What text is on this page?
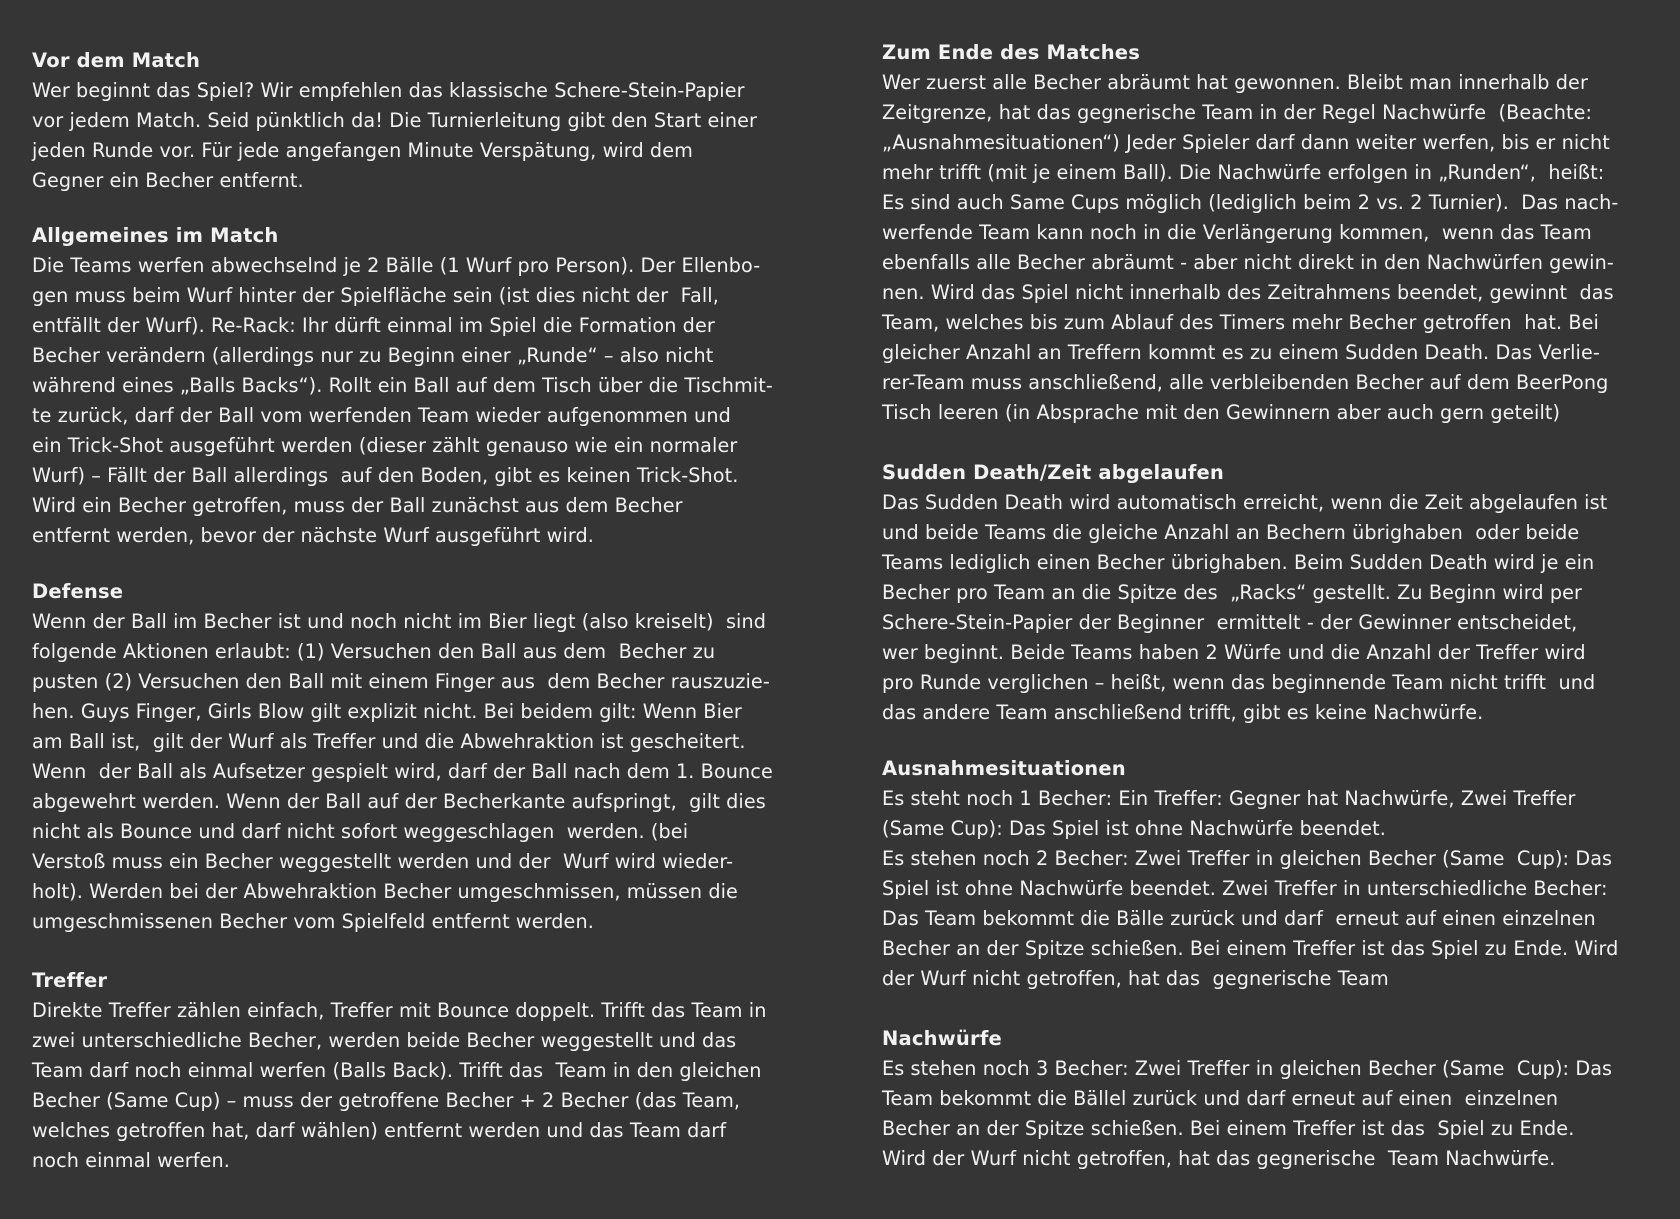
Vor dem Match
Wer beginnt das Spiel? Wir empfehlen das klassische Schere-Stein-Papier
vor jedem Match. Seid pünktlich da! Die Turnierleitung gibt den Start einer
jeden Runde vor. Für jede angefangen Minute Verspätung, wird dem
Gegner ein Becher entfernt.
Allgemeines im Match
Die Teams werfen abwechselnd je 2 Bälle (1 Wurf pro Person). Der Ellenbo-
gen muss beim Wurf hinter der Spielfläche sein (ist dies nicht der  Fall,
entfällt der Wurf). Re-Rack: Ihr dürft einmal im Spiel die Formation der
Becher verändern (allerdings nur zu Beginn einer „Runde“ – also nicht
während eines „Balls Backs“). Rollt ein Ball auf dem Tisch über die Tischmit-
te zurück, darf der Ball vom werfenden Team wieder aufgenommen und
ein Trick-Shot ausgeführt werden (dieser zählt genauso wie ein normaler
Wurf) – Fällt der Ball allerdings  auf den Boden, gibt es keinen Trick-Shot.
Wird ein Becher getroffen, muss der Ball zunächst aus dem Becher
entfernt werden, bevor der nächste Wurf ausgeführt wird.
Defense
Wenn der Ball im Becher ist und noch nicht im Bier liegt (also kreiselt)  sind
folgende Aktionen erlaubt: (1) Versuchen den Ball aus dem  Becher zu
pusten (2) Versuchen den Ball mit einem Finger aus  dem Becher rauszuzie-
hen. Guys Finger, Girls Blow gilt explizit nicht. Bei beidem gilt: Wenn Bier
am Ball ist,  gilt der Wurf als Treffer und die Abwehraktion ist gescheitert.
Wenn  der Ball als Aufsetzer gespielt wird, darf der Ball nach dem 1. Bounce
abgewehrt werden. Wenn der Ball auf der Becherkante aufspringt,  gilt dies
nicht als Bounce und darf nicht sofort weggeschlagen  werden. (bei
Verstoß muss ein Becher weggestellt werden und der  Wurf wird wieder-
holt). Werden bei der Abwehraktion Becher umgeschmissen, müssen die
umgeschmissenen Becher vom Spielfeld entfernt werden.
Treffer
Direkte Treffer zählen einfach, Treffer mit Bounce doppelt. Trifft das Team in
zwei unterschiedliche Becher, werden beide Becher weggestellt und das
Team darf noch einmal werfen (Balls Back). Trifft das  Team in den gleichen
Becher (Same Cup) – muss der getroffene Becher + 2 Becher (das Team,
welches getroffen hat, darf wählen) entfernt werden und das Team darf
noch einmal werfen.
Zum Ende des Matches
Wer zuerst alle Becher abräumt hat gewonnen. Bleibt man innerhalb der
Zeitgrenze, hat das gegnerische Team in der Regel Nachwürfe  (Beachte:
„Ausnahmesituationen“) Jeder Spieler darf dann weiter werfen, bis er nicht
mehr trifft (mit je einem Ball). Die Nachwürfe erfolgen in „Runden“,  heißt:
Es sind auch Same Cups möglich (lediglich beim 2 vs. 2 Turnier).  Das nach-
werfende Team kann noch in die Verlängerung kommen,  wenn das Team
ebenfalls alle Becher abräumt - aber nicht direkt in den Nachwürfen gewin-
nen. Wird das Spiel nicht innerhalb des Zeitrahmens beendet, gewinnt  das
Team, welches bis zum Ablauf des Timers mehr Becher getroffen  hat. Bei
gleicher Anzahl an Treffern kommt es zu einem Sudden Death. Das Verlie-
rer-Team muss anschließend, alle verbleibenden Becher auf dem BeerPong
Tisch leeren (in Absprache mit den Gewinnern aber auch gern geteilt)
Sudden Death/Zeit abgelaufen
Das Sudden Death wird automatisch erreicht, wenn die Zeit abgelaufen ist
und beide Teams die gleiche Anzahl an Bechern übrighaben  oder beide
Teams lediglich einen Becher übrighaben. Beim Sudden Death wird je ein
Becher pro Team an die Spitze des  „Racks“ gestellt. Zu Beginn wird per
Schere-Stein-Papier der Beginner  ermittelt - der Gewinner entscheidet,
wer beginnt. Beide Teams haben 2 Würfe und die Anzahl der Treffer wird
pro Runde verglichen – heißt, wenn das beginnende Team nicht trifft  und
das andere Team anschließend trifft, gibt es keine Nachwürfe.
Ausnahmesituationen
Es steht noch 1 Becher: Ein Treffer: Gegner hat Nachwürfe, Zwei Treffer
(Same Cup): Das Spiel ist ohne Nachwürfe beendet.
Es stehen noch 2 Becher: Zwei Treffer in gleichen Becher (Same  Cup): Das
Spiel ist ohne Nachwürfe beendet. Zwei Treffer in unterschiedliche Becher:
Das Team bekommt die Bälle zurück und darf  erneut auf einen einzelnen
Becher an der Spitze schießen. Bei einem Treffer ist das Spiel zu Ende. Wird
der Wurf nicht getroffen, hat das  gegnerische Team
Nachwürfe
Es stehen noch 3 Becher: Zwei Treffer in gleichen Becher (Same  Cup): Das
Team bekommt die Bällel zurück und darf erneut auf einen  einzelnen
Becher an der Spitze schießen. Bei einem Treffer ist das  Spiel zu Ende.
Wird der Wurf nicht getroffen, hat das gegnerische  Team Nachwürfe.
